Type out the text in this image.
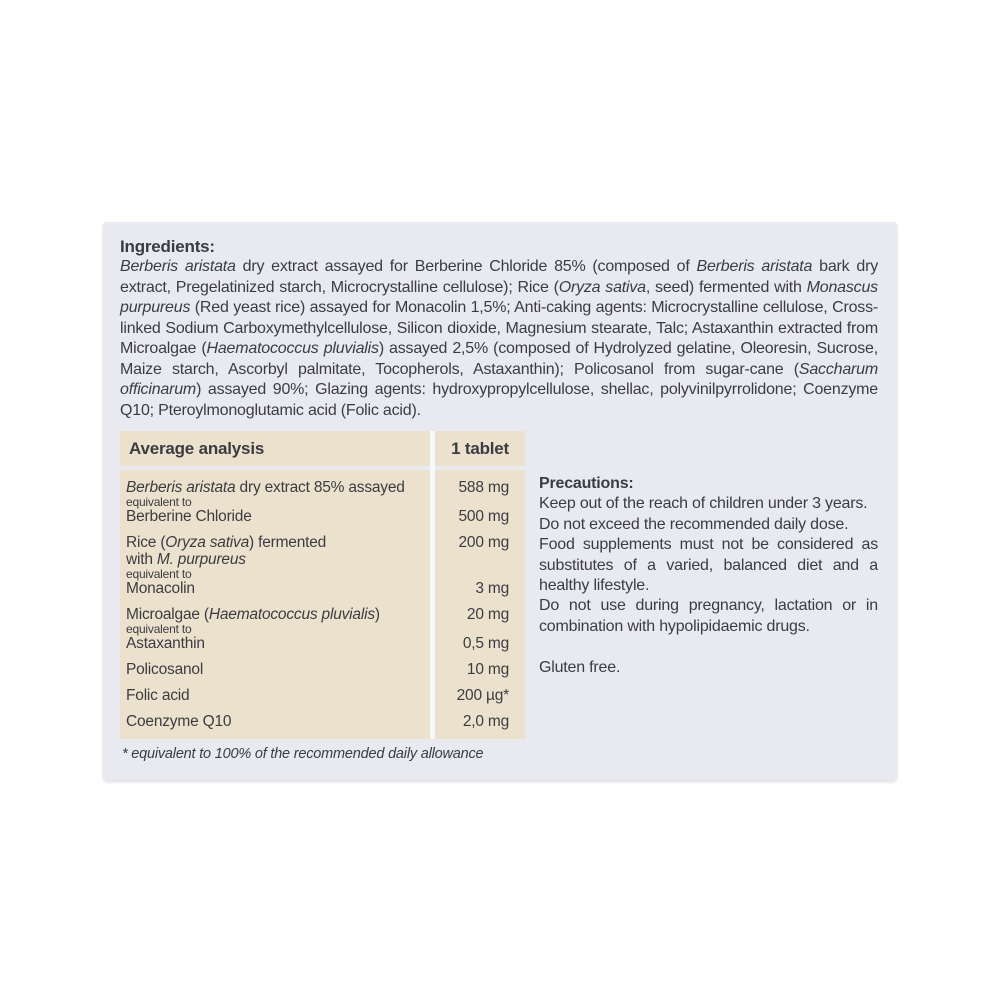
Ingredients:
Berberis aristata dry extract assayed for Berberine Chloride 85% (composed of Berberis aristata bark dry extract, Pregelatinized starch, Microcrystalline cellulose); Rice (Oryza sativa, seed) fermented with Monascus purpureus (Red yeast rice) assayed for Monacolin 1,5%; Anti-caking agents: Microcrystalline cellulose, Cross-linked Sodium Carboxymethylcellulose, Silicon dioxide, Magnesium stearate, Talc; Astaxanthin extracted from Microalgae (Haematococcus pluvialis) assayed 2,5% (composed of Hydrolyzed gelatine, Oleoresin, Sucrose, Maize starch, Ascorbyl palmitate, Tocopherols, Astaxanthin); Policosanol from sugar-cane (Saccharum officinarum) assayed 90%; Glazing agents: hydroxypropylcellulose, shellac, polyvinilpyrrolidone; Coenzyme Q10; Pteroylmonoglutamic acid (Folic acid).
Average analysis	1 tablet
Berberis aristata dry extract 85% assayed	588 mg
equivalent to
Berberine Chloride	500 mg
Rice (Oryza sativa) fermented	200 mg
with M. purpureus
equivalent to
Monacolin	3 mg
Microalgae (Haematococcus pluvialis)	20 mg
equivalent to
Astaxanthin	0,5 mg
Policosanol	10 mg
Folic acid	200 µg*
Coenzyme Q10	2,0 mg
* equivalent to 100% of the recommended daily allowance
Precautions:
Keep out of the reach of children under 3 years.
Do not exceed the recommended daily dose.
Food supplements must not be considered as substitutes of a varied, balanced diet and a healthy lifestyle.
Do not use during pregnancy, lactation or in combination with hypolipidaemic drugs.
Gluten free.
